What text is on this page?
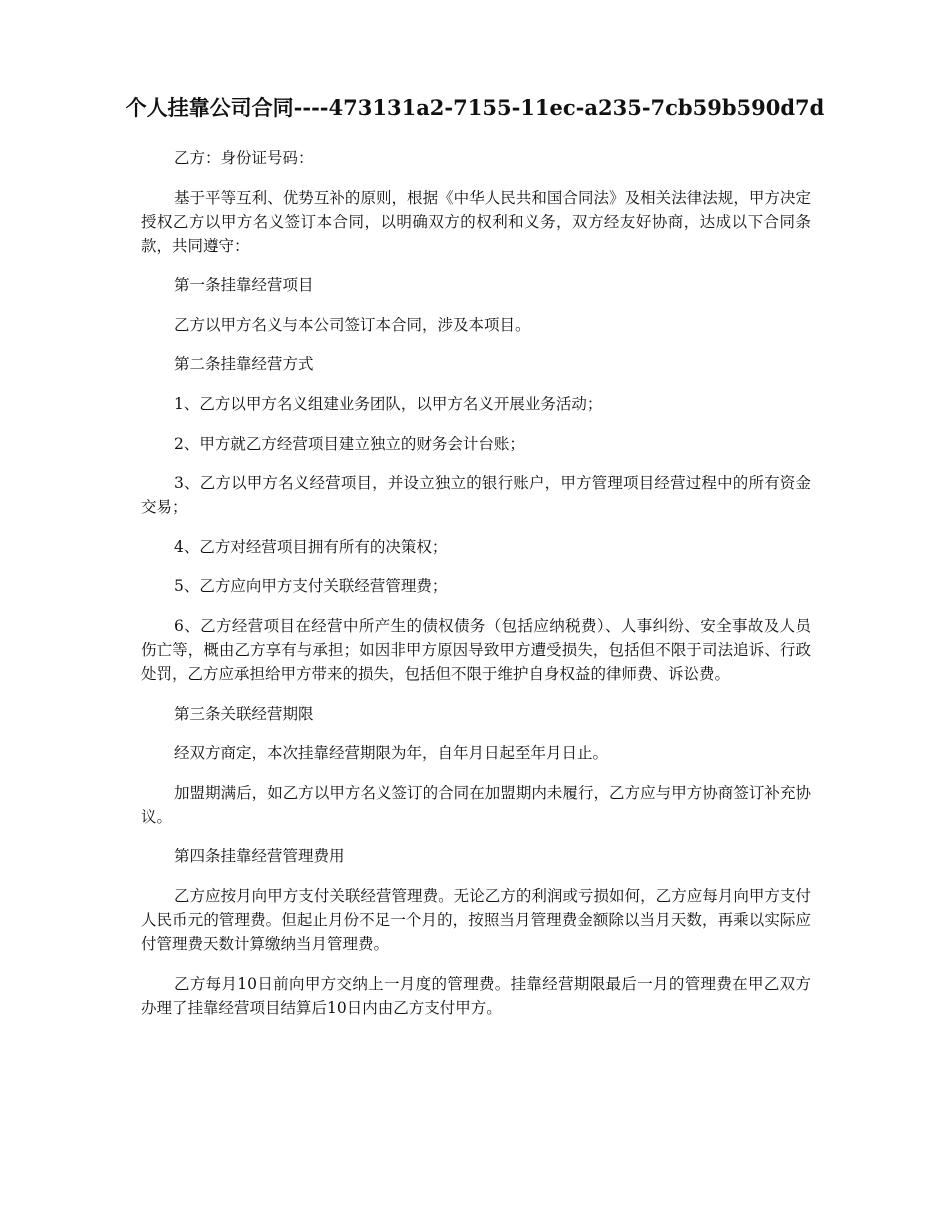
个人挂靠公司合同----473131a2-7155-11ec-a235-7cb59b590d7d

乙方：身份证号码：

基于平等互利、优势互补的原则，根据《中华人民共和国合同法》及相关法律法规，甲方决定授权乙方以甲方名义签订本合同，以明确双方的权利和义务，双方经友好协商，达成以下合同条款，共同遵守：

第一条挂靠经营项目

乙方以甲方名义与本公司签订本合同，涉及本项目。

第二条挂靠经营方式

1、乙方以甲方名义组建业务团队，以甲方名义开展业务活动；

2、甲方就乙方经营项目建立独立的财务会计台账；

3、乙方以甲方名义经营项目，并设立独立的银行账户，甲方管理项目经营过程中的所有资金交易；

4、乙方对经营项目拥有所有的决策权；

5、乙方应向甲方支付关联经营管理费；

6、乙方经营项目在经营中所产生的债权债务（包括应纳税费）、人事纠纷、安全事故及人员伤亡等，概由乙方享有与承担；如因非甲方原因导致甲方遭受损失，包括但不限于司法追诉、行政处罚，乙方应承担给甲方带来的损失，包括但不限于维护自身权益的律师费、诉讼费。

第三条关联经营期限

经双方商定，本次挂靠经营期限为年，自年月日起至年月日止。

加盟期满后，如乙方以甲方名义签订的合同在加盟期内未履行，乙方应与甲方协商签订补充协议。

第四条挂靠经营管理费用

乙方应按月向甲方支付关联经营管理费。无论乙方的利润或亏损如何，乙方应每月向甲方支付人民币元的管理费。但起止月份不足一个月的，按照当月管理费金额除以当月天数，再乘以实际应付管理费天数计算缴纳当月管理费。

乙方每月10日前向甲方交纳上一月度的管理费。挂靠经营期限最后一月的管理费在甲乙双方办理了挂靠经营项目结算后10日内由乙方支付甲方。
